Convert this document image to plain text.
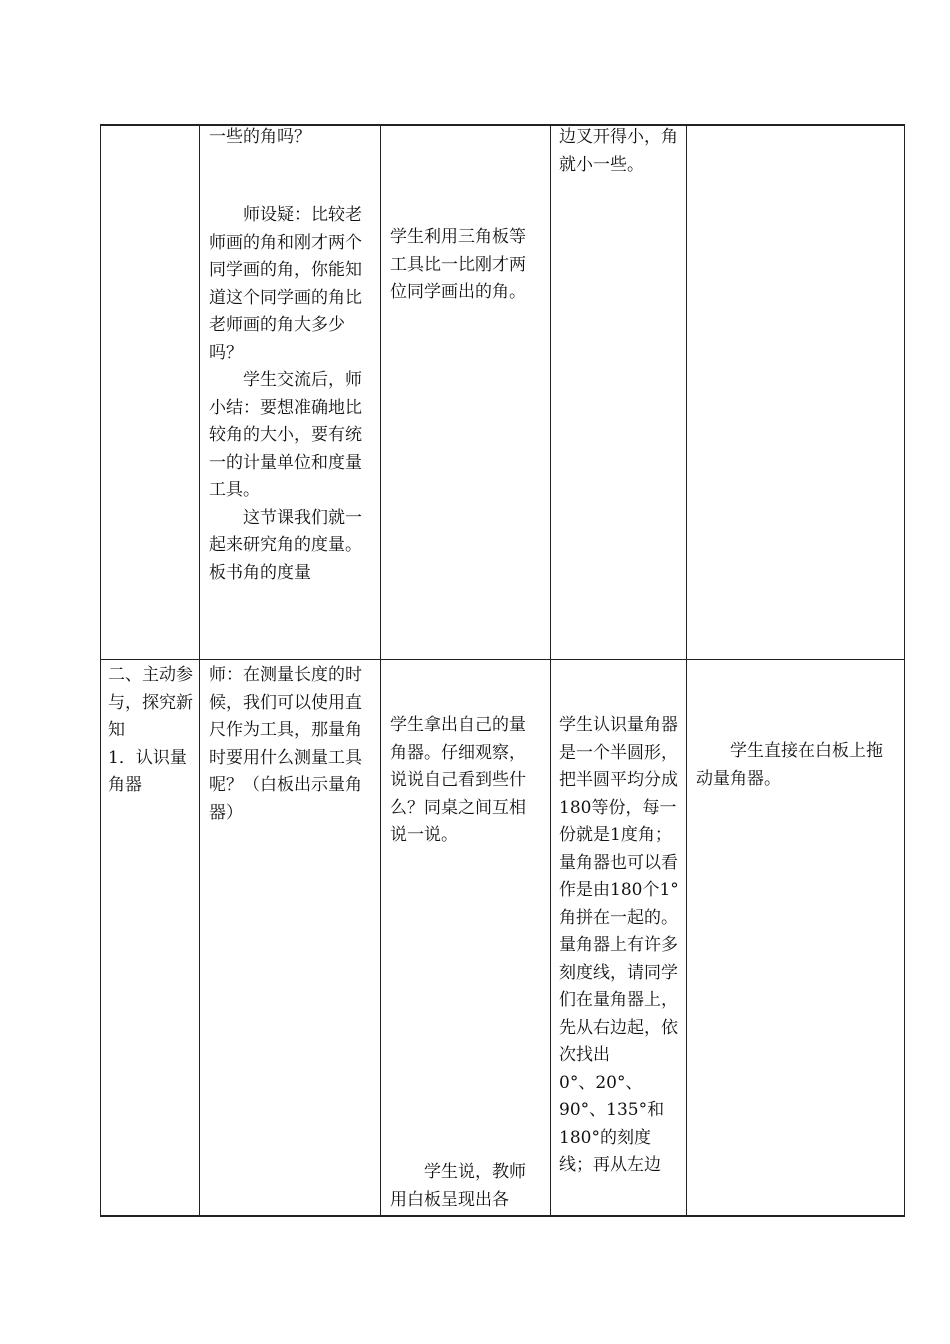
一些的角吗？

师设疑：比较老师画的角和刚才两个同学画的角，你能知道这个同学画的角比老师画的角大多少吗？

学生交流后，师小结：要想准确地比较角的大小，要有统一的计量单位和度量工具。

这节课我们就一起来研究角的度量。板书角的度量

学生利用三角板等工具比一比刚才两位同学画出的角。

边叉开得小，角就小一些。

二、主动参与，探究新知

1．认识量角器

师：在测量长度的时候，我们可以使用直尺作为工具，那量角时要用什么测量工具呢？（白板出示量角器）

学生拿出自己的量角器。仔细观察，说说自己看到些什么？同桌之间互相说一说。

学生说，教师用白板呈现出各

学生认识量角器是一个半圆形，把半圆平均分成180等份，每一份就是1度角；量角器也可以看作是由180个1°角拼在一起的。

量角器上有许多刻度线，请同学们在量角器上，先从右边起，依次找出

0°、20°、90°、135°和180°的刻度线；再从左边

学生直接在白板上拖动量角器。
